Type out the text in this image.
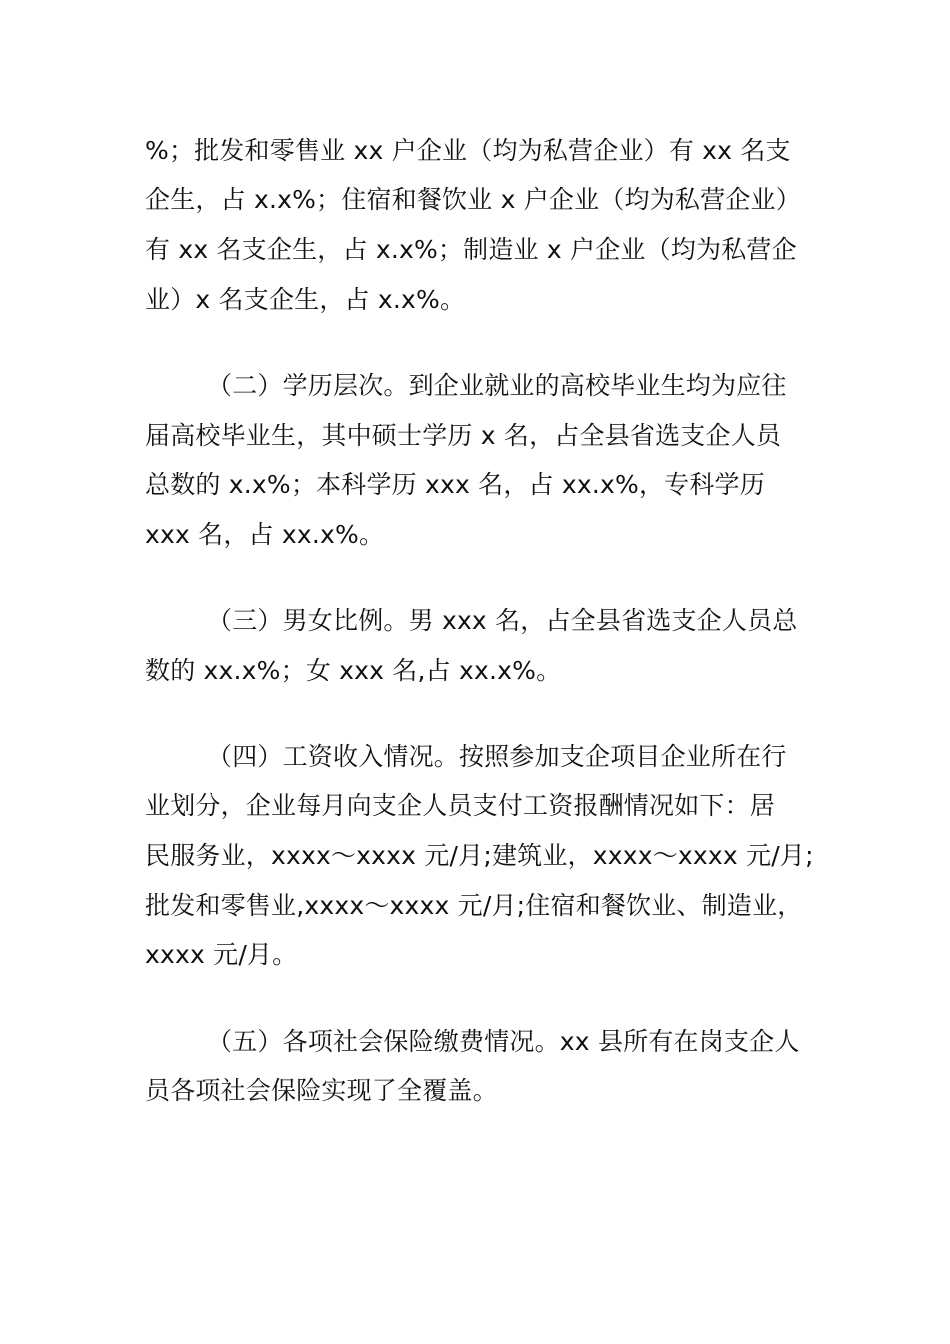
%；批发和零售业 xx 户企业（均为私营企业）有 xx 名支
企生，占 x.x%；住宿和餐饮业 x 户企业（均为私营企业）
有 xx 名支企生，占 x.x%；制造业 x 户企业（均为私营企
业）x 名支企生，占 x.x%。
（二）学历层次。到企业就业的高校毕业生均为应往
届高校毕业生，其中硕士学历 x 名，占全县省选支企人员
总数的 x.x%；本科学历 xxx 名，占 xx.x%，专科学历
xxx 名，占 xx.x%。
（三）男女比例。男 xxx 名，占全县省选支企人员总
数的 xx.x%；女 xxx 名,占 xx.x%。
（四）工资收入情况。按照参加支企项目企业所在行
业划分，企业每月向支企人员支付工资报酬情况如下：居
民服务业，xxxx～xxxx 元/月;建筑业，xxxx～xxxx 元/月;
批发和零售业,xxxx～xxxx 元/月;住宿和餐饮业、制造业，
xxxx 元/月。
（五）各项社会保险缴费情况。xx 县所有在岗支企人
员各项社会保险实现了全覆盖。
